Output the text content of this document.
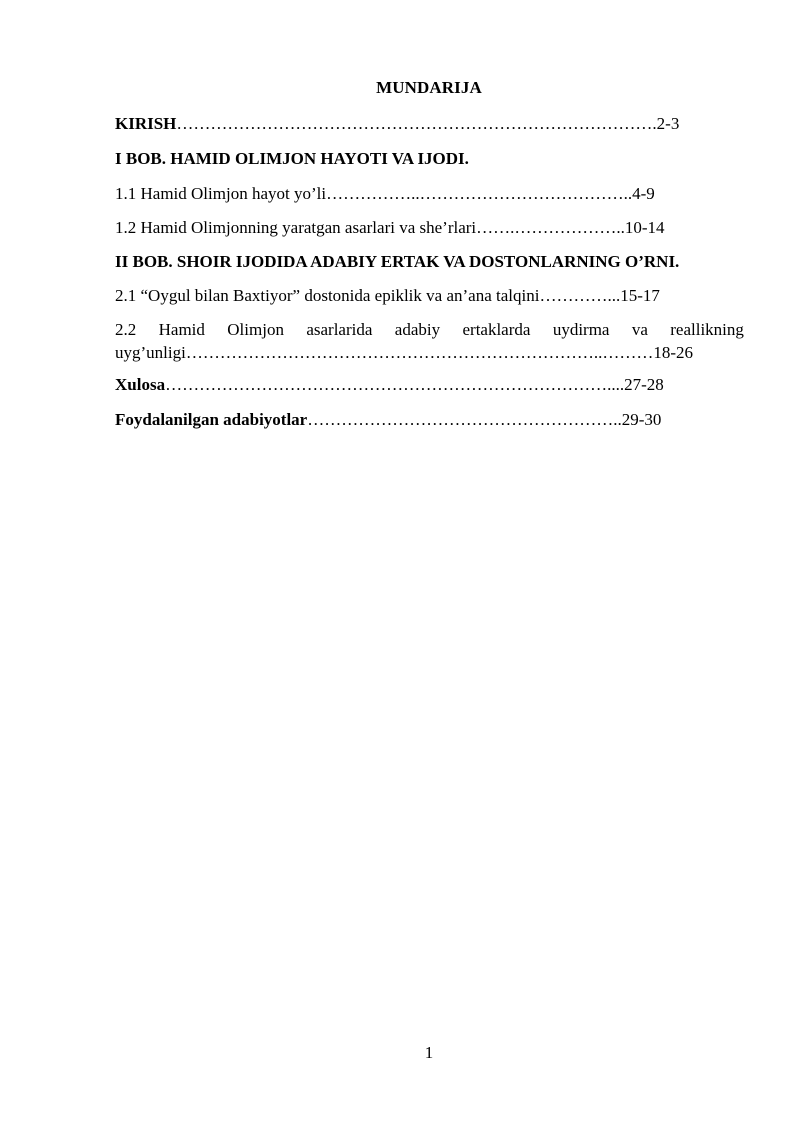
MUNDARIJA
KIRISH………………………………………………………………………….2-3
I BOB. HAMID OLIMJON HAYOTI VA IJODI.
1.1 Hamid Olimjon hayot yo’li……………..………………………………..4-9
1.2 Hamid Olimjonning yaratgan asarlari va she’rlari…….………………..10-14
II BOB. SHOIR IJODIDA ADABIY ERTAK VA DOSTONLARNING O’RNI.
2.1 “Oygul bilan Baxtiyor” dostonida epiklik va an’ana talqini…………...15-17
2.2 Hamid Olimjon asarlarida adabiy ertaklarda uydirma va reallikning
uyg’unligi………………………………………………………………..………18-26
Xulosa……………………………………………………………………....27-28
Foydalanilgan adabiyotlar………………………………………………..29-30
1
